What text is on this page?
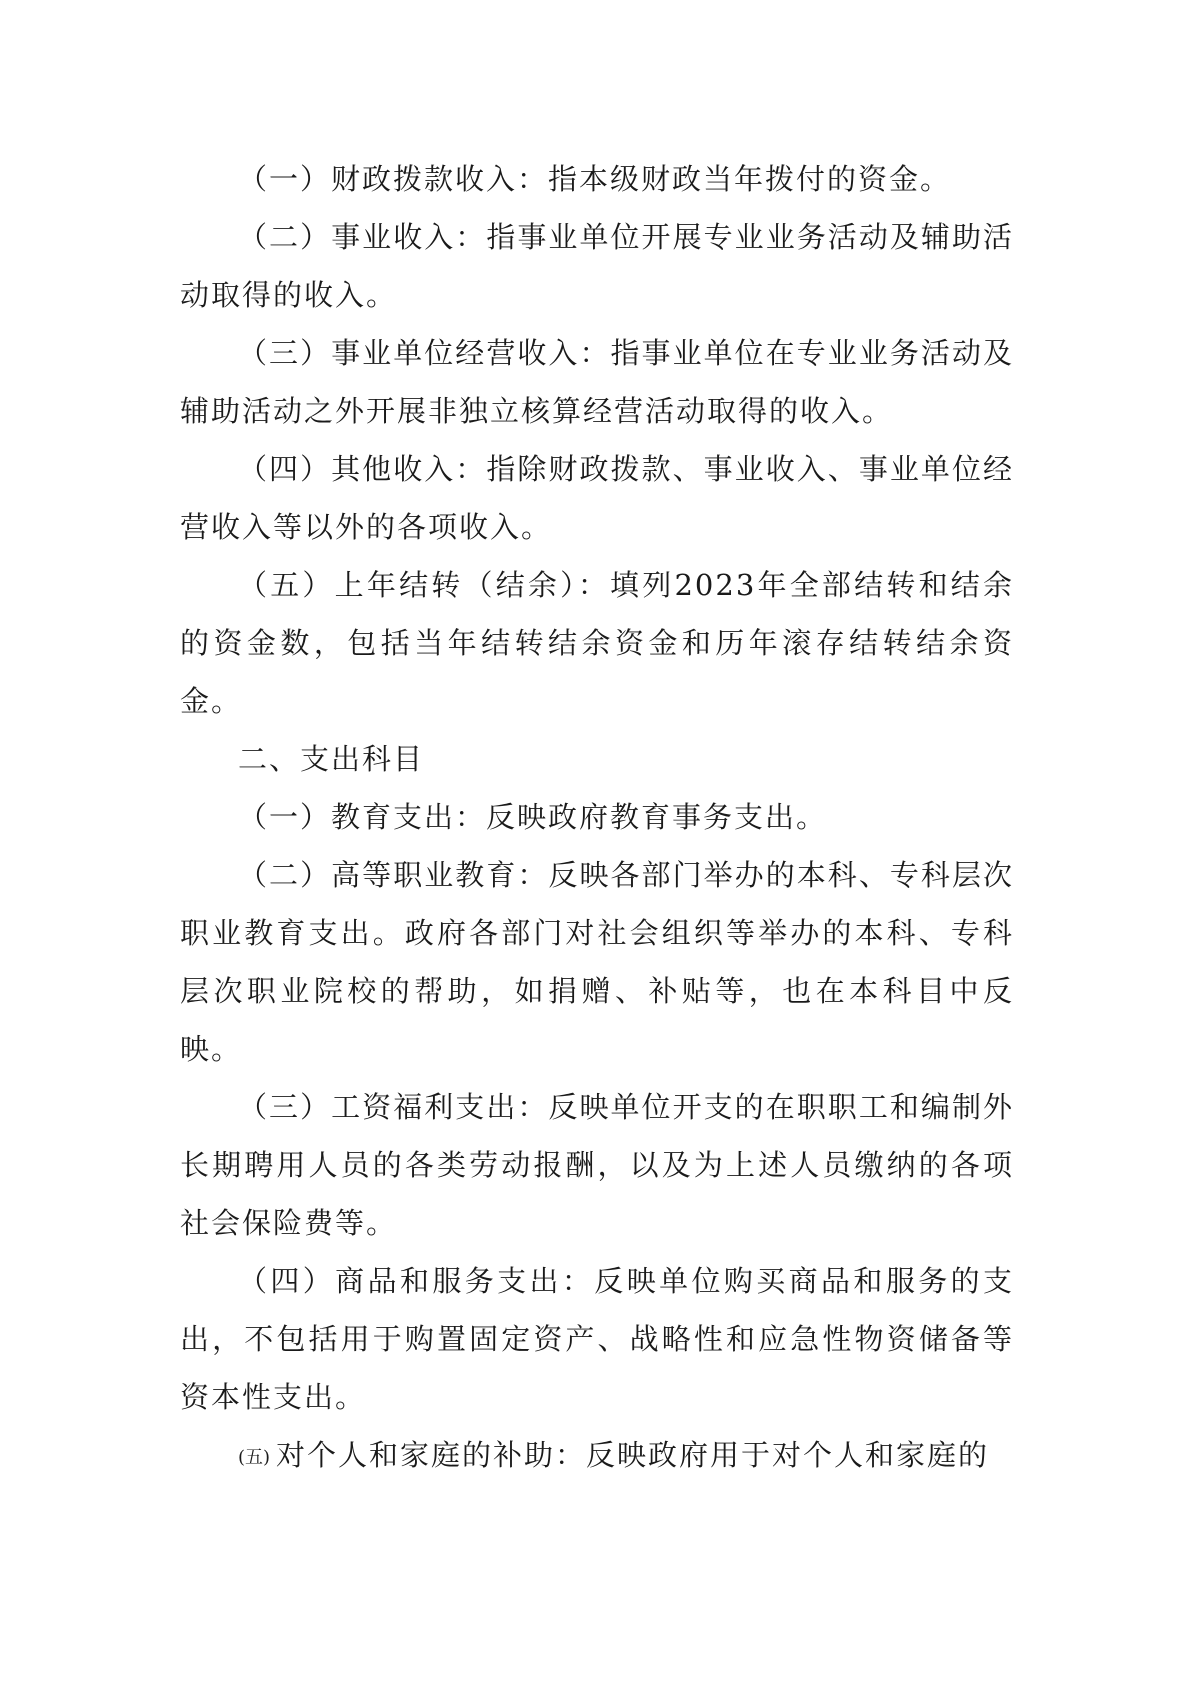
（一）财政拨款收入：指本级财政当年拨付的资金。

（二）事业收入：指事业单位开展专业业务活动及辅助活动取得的收入。

（三）事业单位经营收入：指事业单位在专业业务活动及辅助活动之外开展非独立核算经营活动取得的收入。

（四）其他收入：指除财政拨款、事业收入、事业单位经营收入等以外的各项收入。

（五）上年结转（结余）：填列2023年全部结转和结余的资金数，包括当年结转结余资金和历年滚存结转结余资金。

二、支出科目

（一）教育支出：反映政府教育事务支出。

（二）高等职业教育：反映各部门举办的本科、专科层次职业教育支出。政府各部门对社会组织等举办的本科、专科层次职业院校的帮助，如捐赠、补贴等，也在本科目中反映。

（三）工资福利支出：反映单位开支的在职职工和编制外长期聘用人员的各类劳动报酬，以及为上述人员缴纳的各项社会保险费等。

（四）商品和服务支出：反映单位购买商品和服务的支出，不包括用于购置固定资产、战略性和应急性物资储备等资本性支出。

(五) 对个人和家庭的补助：反映政府用于对个人和家庭的
